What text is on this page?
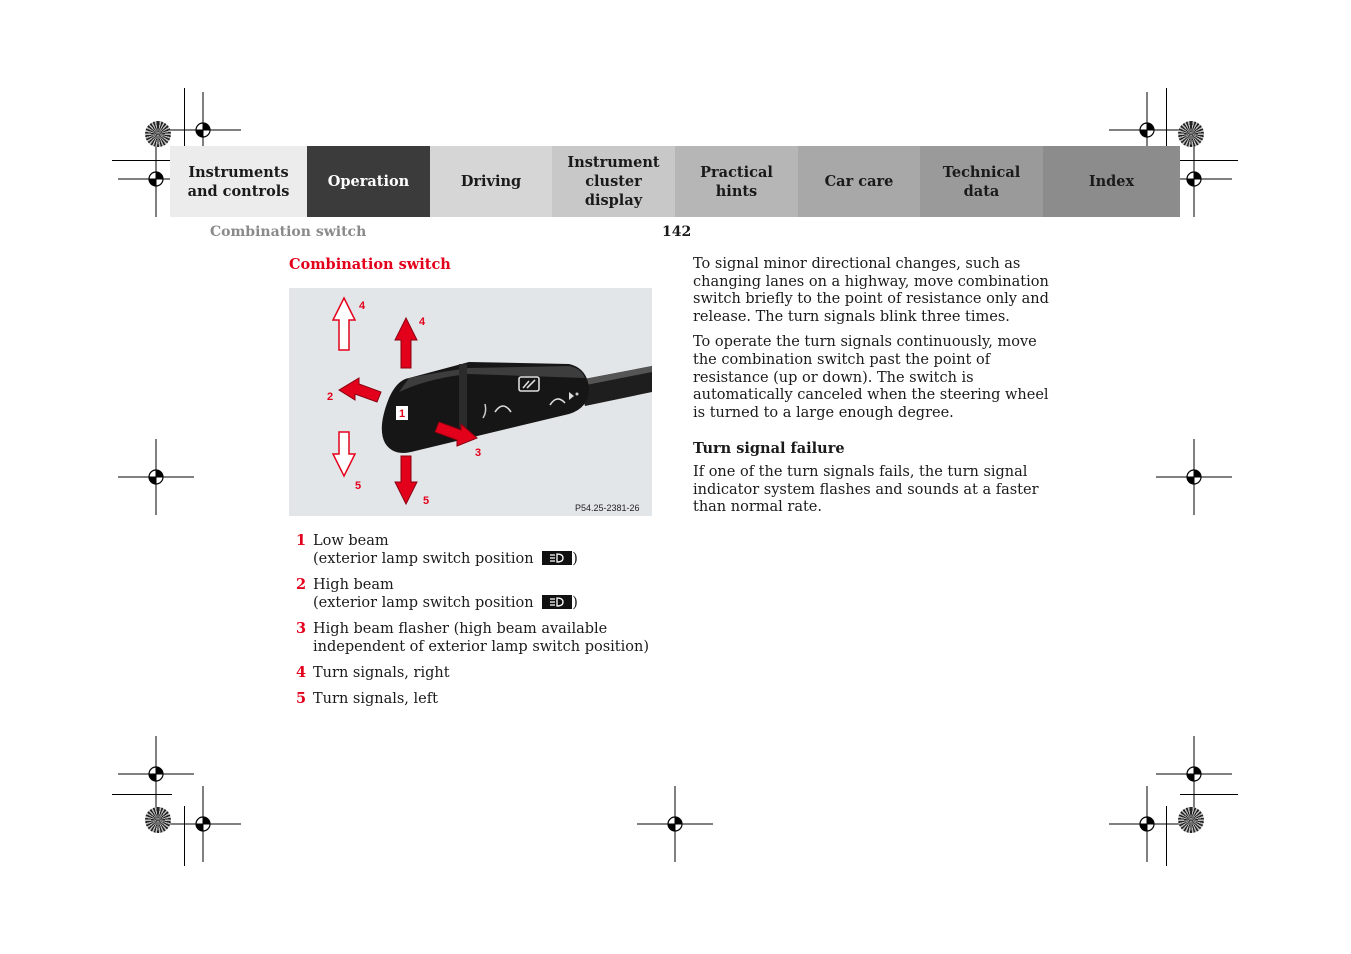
Instruments
and controls
Operation	Driving
Instrument
cluster display
Practical hints
Car care
Technical
data
Index
Combination switch	142
Combination switch
4
4
2
3
5
5
1
P54.25-2381-26
1 Low beam
(exterior lamp switch position )
2 High beam
(exterior lamp switch position )
3 High beam flasher (high beam available
independent of exterior lamp switch position)
4 Turn signals, right
5 Turn signals, left

To signal minor directional changes, such as changing lanes on a highway, move combination switch briefly to the point of resistance only and release. The turn signals blink three times.

To operate the turn signals continuously, move the combination switch past the point of resistance (up or down). The switch is automatically canceled when the steering wheel is turned to a large enough degree.

Turn signal failure

If one of the turn signals fails, the turn signal indicator system flashes and sounds at a faster than normal rate.
